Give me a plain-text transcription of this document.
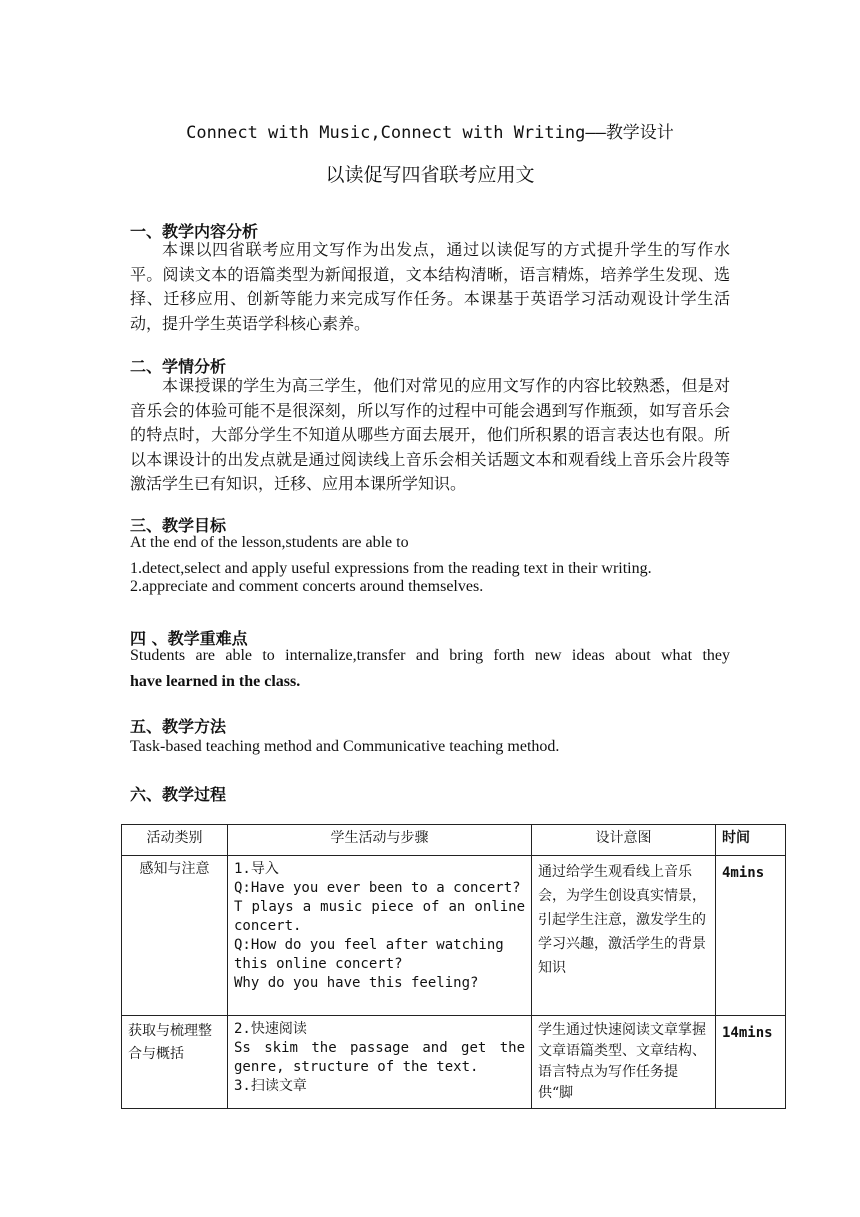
Connect with Music,Connect with Writing——教学设计
以读促写四省联考应用文
一、教学内容分析
本课以四省联考应用文写作为出发点，通过以读促写的方式提升学生的写作水平。阅读文本的语篇类型为新闻报道，文本结构清晰，语言精炼，培养学生发现、选择、迁移应用、创新等能力来完成写作任务。本课基于英语学习活动观设计学生活动，提升学生英语学科核心素养。
二、学情分析
本课授课的学生为高三学生，他们对常见的应用文写作的内容比较熟悉，但是对音乐会的体验可能不是很深刻，所以写作的过程中可能会遇到写作瓶颈，如写音乐会的特点时，大部分学生不知道从哪些方面去展开，他们所积累的语言表达也有限。所以本课设计的出发点就是通过阅读线上音乐会相关话题文本和观看线上音乐会片段等激活学生已有知识，迁移、应用本课所学知识。
三、教学目标
At the end of the lesson,students are able to
1.detect,select and apply useful expressions from the reading text in their writing.
2.appreciate and comment concerts around themselves.
四 、教学重难点
Students are able to internalize,transfer and bring forth new ideas about what they
have learned in the class.
五、教学方法
Task-based teaching method and Communicative teaching method.
六、教学过程
活动类别	学生活动与步骤	设计意图	时间
感知与注意	1.导入
Q:Have you ever been to a concert?
T plays a music piece of an online concert.
Q:How do you feel after watching this online concert?
Why do you have this feeling?	通过给学生观看线上音乐会，为学生创设真实情景，引起学生注意，激发学生的学习兴趣，激活学生的背景知识	4mins
获取与梳理整合与概括	2.快速阅读
Ss skim the passage and get the genre, structure of the text.
3.扫读文章	学生通过快速阅读文章掌握文章语篇类型、文章结构、语言特点为写作任务提供“脚	14mins
